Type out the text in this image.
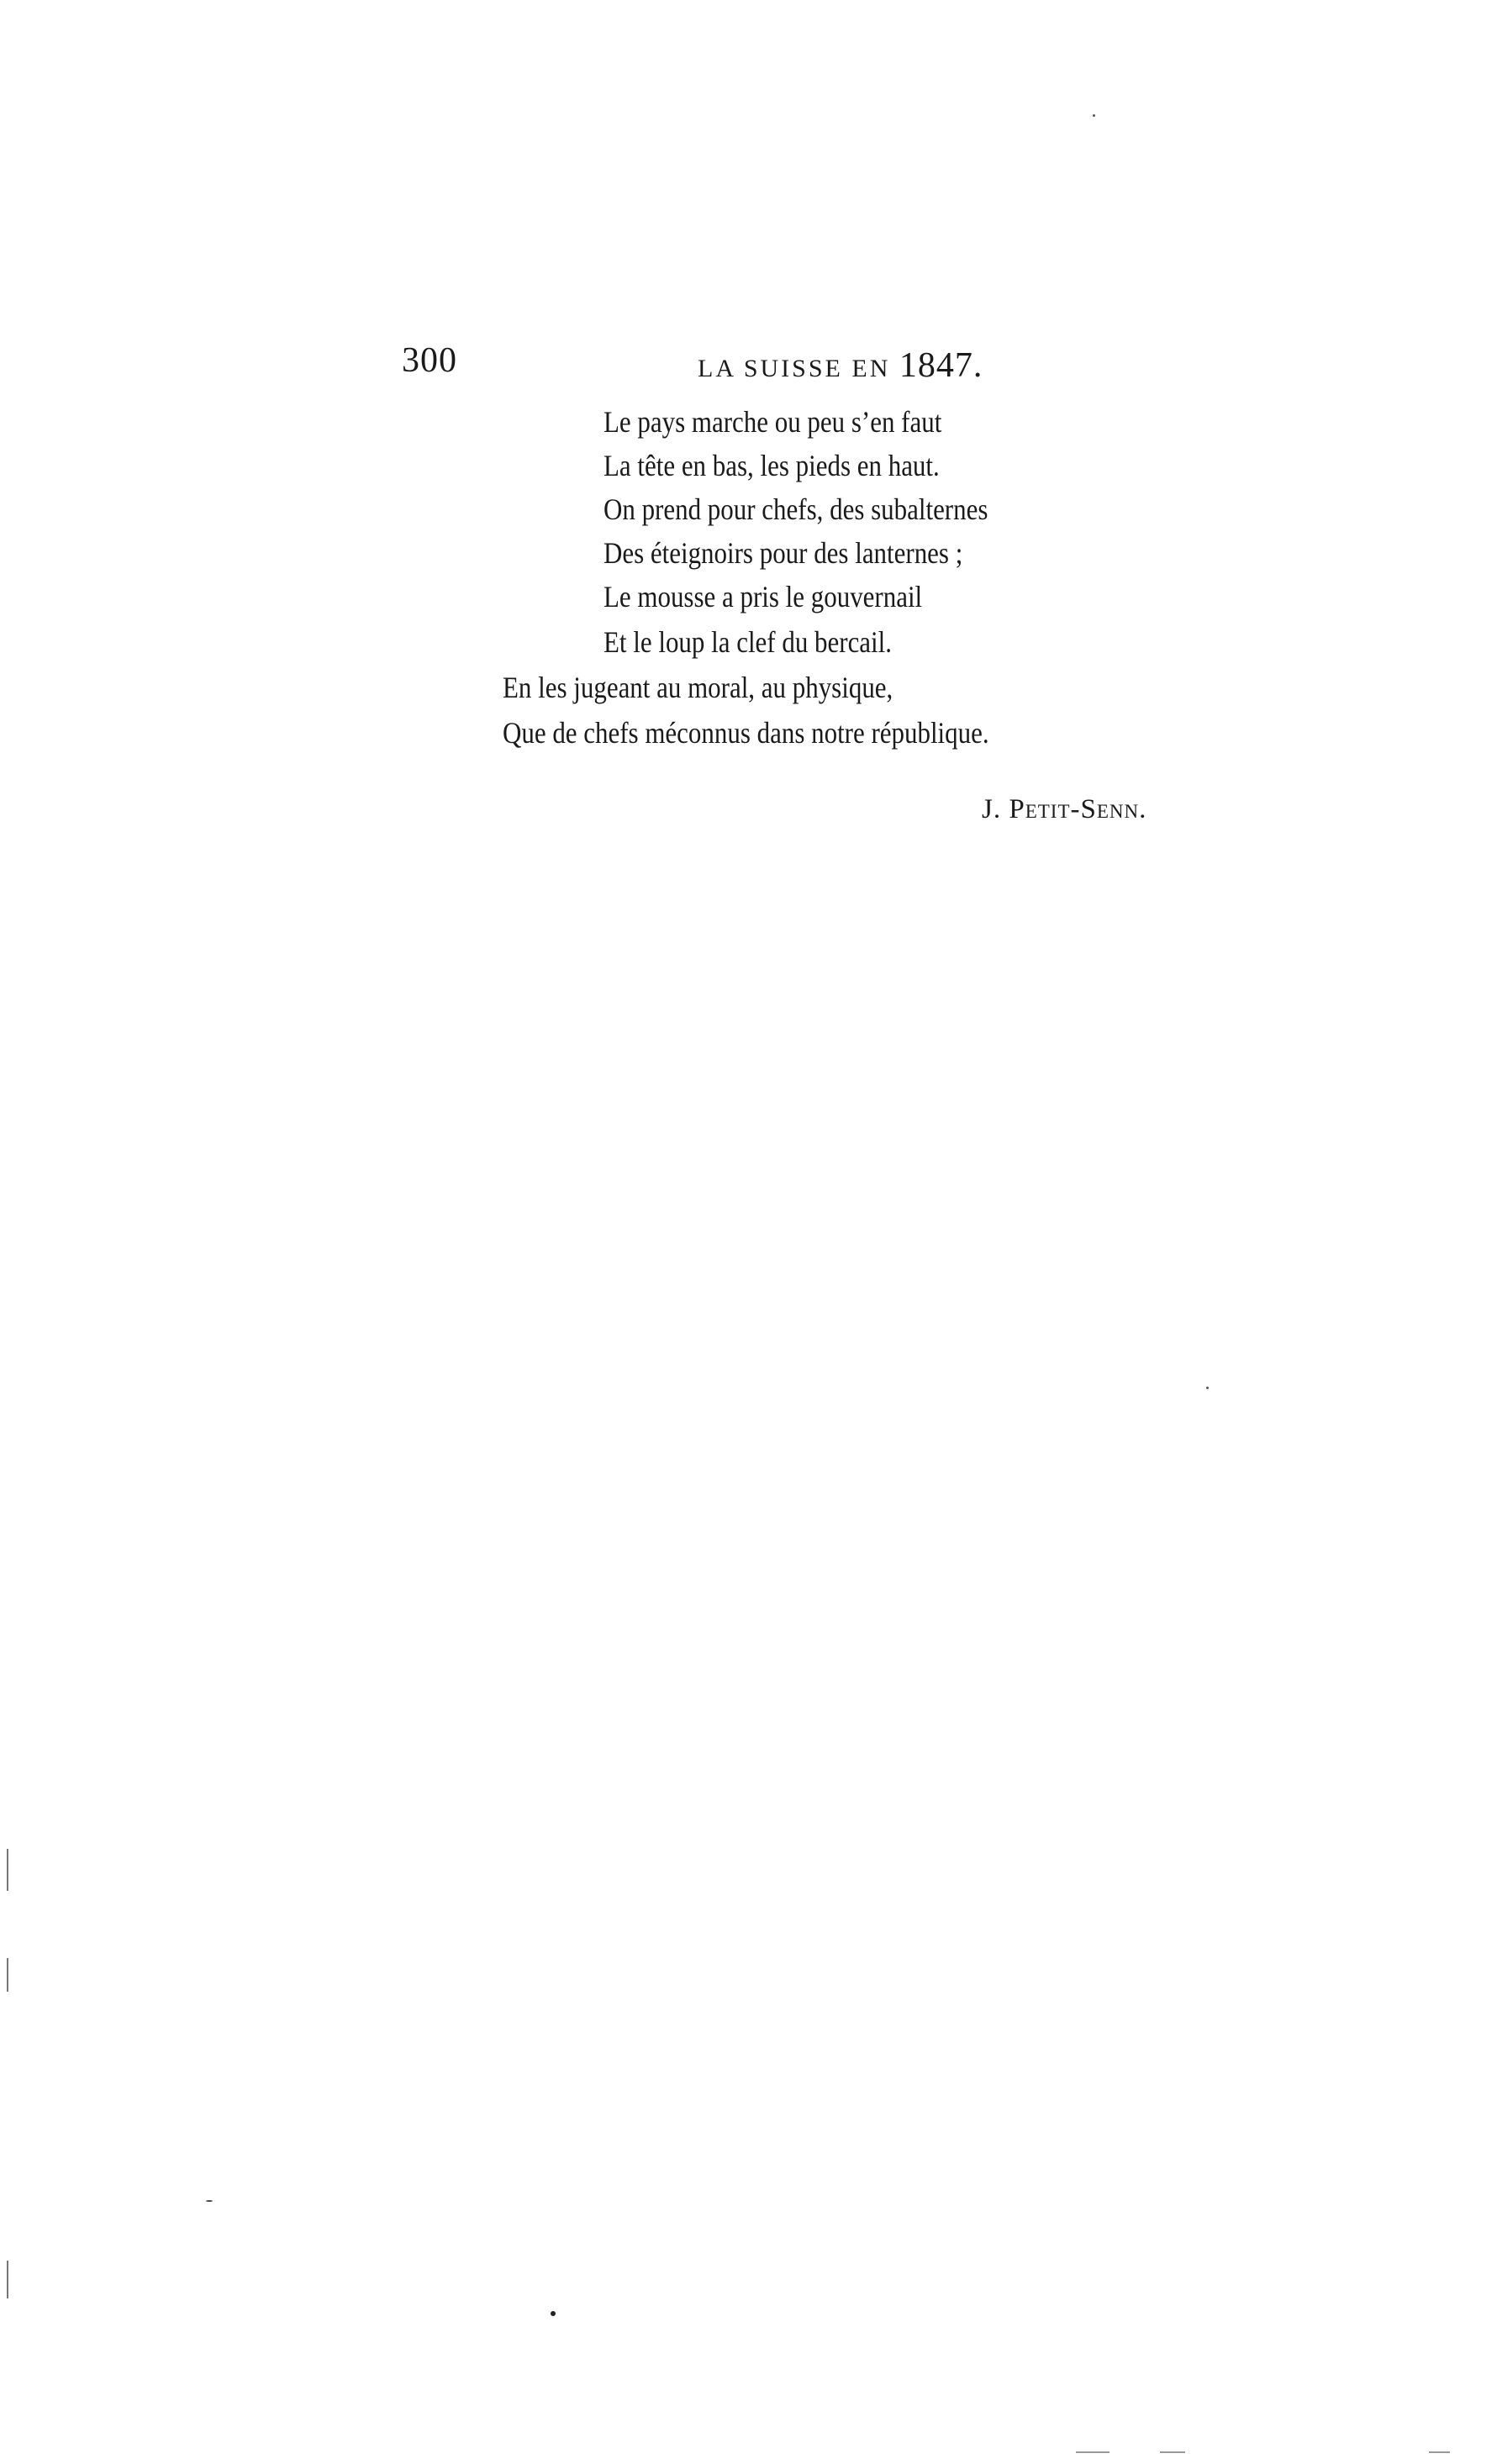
300	LA SUISSE EN 1847.
Le pays marche ou peu s’en faut
La tête en bas, les pieds en haut.
On prend pour chefs, des subalternes
Des éteignoirs pour des lanternes ;
Le mousse a pris le gouvernail
Et le loup la clef du bercail.
En les jugeant au moral, au physique,
Que de chefs méconnus dans notre république.
J. Petit-Senn.
